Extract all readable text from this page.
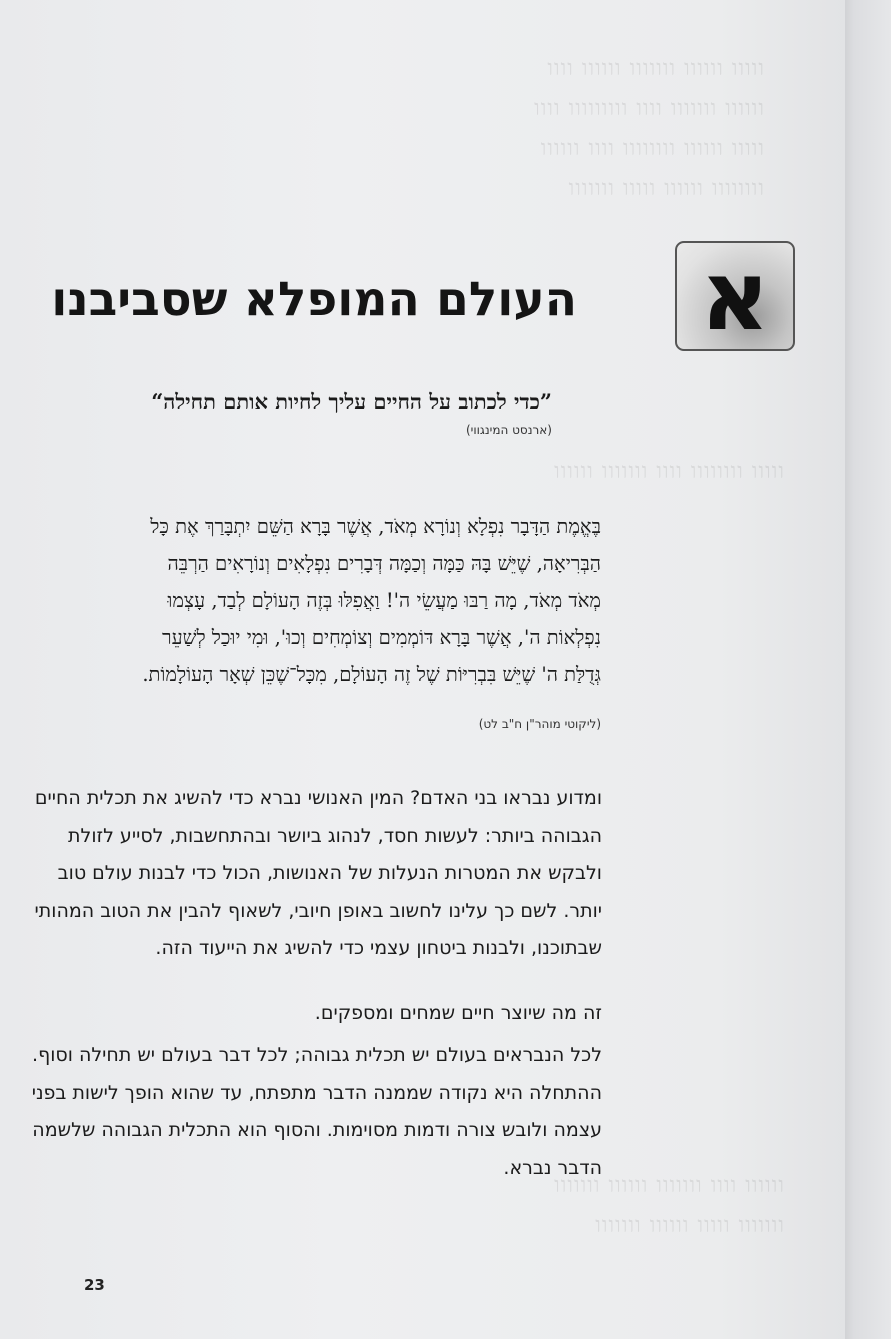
ווווו וווווו ווווווו וווווו וווו
וווווו ווווווו וווו ווווווווו וווו
ווווו וווווו וווווווו וווו וווווו
וווווווו וווווו ווווו ווווווו
ווווו וווווווו וווו ווווווו וווווו
וווווו וווו ווווווו וווווו ווווווו
ווווווו ווווו וווווו ווווווו
א
העולם המופלא שסביבנו
”כדי לכתוב על החיים עליך לחיות אותם תחילה“
(ארנסט המינגווי)
בֶּאֱמֶת הַדָּבָר נִפְלָא וְנוֹרָא מְאֹד, אֲשֶׁר בָּרָא הַשֵּׁם יִתְבָּרַךְ אֶת כָּל
הַבְּרִיאָה, שֶׁיֵּשׁ בָּהּ כַּמָּה וְכַמָּה דְּבָרִים נִפְלָאִים וְנוֹרָאִים הַרְבֵּה
מְאֹד מְאֹד, מָה רַבּוּ מַעֲשֵׂי ה'! וַאֲפִלּוּ בְּזֶה הָעוֹלָם לְבַד, עָצְמוּ
נִפְלְאוֹת ה', אֲשֶׁר בָּרָא דּוֹמְמִים וְצוֹמְחִים וְכוּ', וּמִי יוּכַל לְשַׁעֵר
גְּדֻלַּת ה' שֶׁיֵּשׁ בִּבְרִיּוֹת שֶׁל זֶה הָעוֹלָם, מִכָּל־שֶׁכֵּן שְׁאָר הָעוֹלָמוֹת.
(ליקוטי מוהר"ן ח"ב לט)
ומדוע נבראו בני האדם? המין האנושי נברא כדי להשיג את תכלית החיים
הגבוהה ביותר: לעשות חסד, לנהוג ביושר ובהתחשבות, לסייע לזולת
ולבקש את המטרות הנעלות של האנושות, הכול כדי לבנות עולם טוב
יותר. לשם כך עלינו לחשוב באופן חיובי, לשאוף להבין את הטוב המהותי
שבתוכנו, ולבנות ביטחון עצמי כדי להשיג את הייעוד הזה.
זה מה שיוצר חיים שמחים ומספקים.
לכל הנבראים בעולם יש תכלית גבוהה; לכל דבר בעולם יש תחילה וסוף.
ההתחלה היא נקודה שממנה הדבר מתפתח, עד שהוא הופך לישות בפני
עצמה ולובש צורה ודמות מסוימות. והסוף הוא התכלית הגבוהה שלשמה
הדבר נברא.
23
